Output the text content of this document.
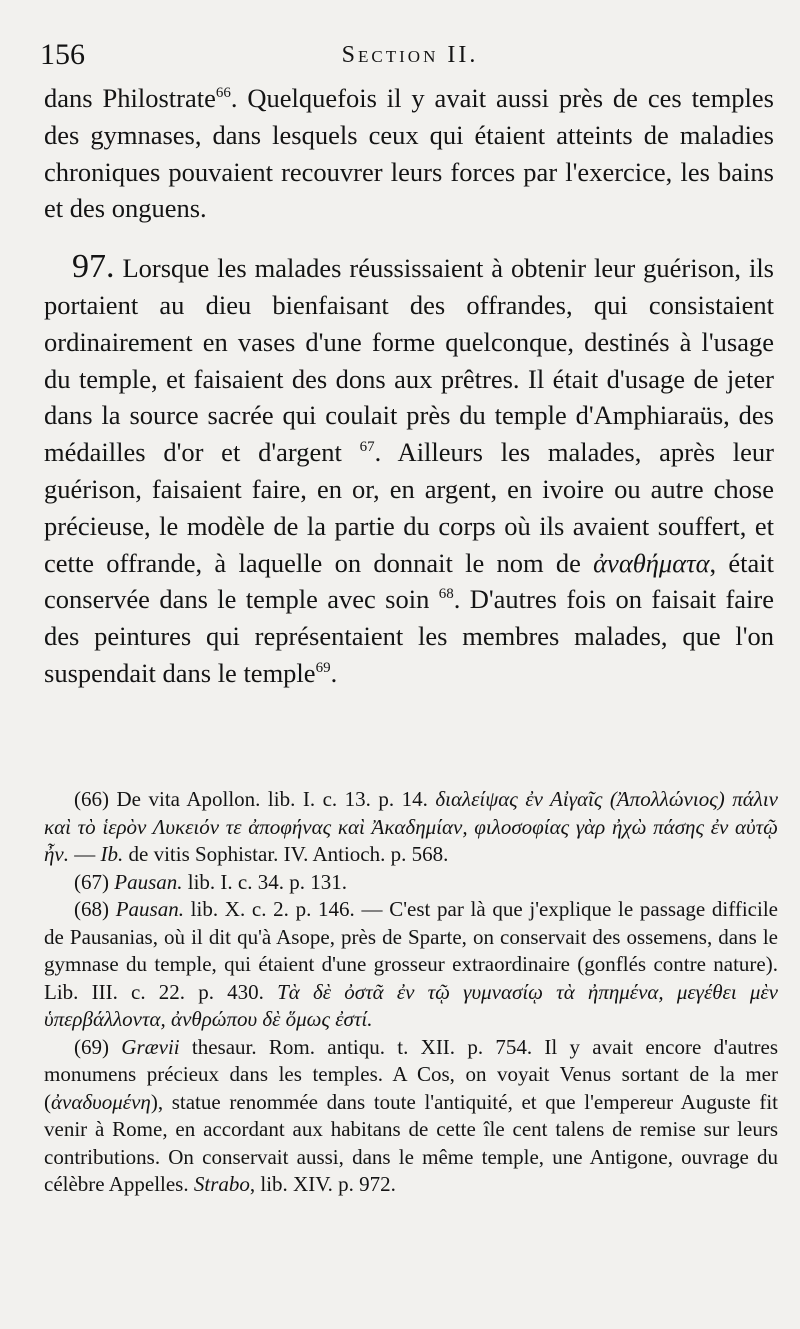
156	Section II.

dans Philostrate$^{66}$. Quelquefois il y avait aussi près de ces temples des gymnases, dans lesquels ceux qui étaient atteints de maladies chroniques pouvaient recouvrer leurs forces par l'exercice, les bains et des onguens.

97. Lorsque les malades réussissaient à obtenir leur guérison, ils portaient au dieu bienfaisant des offrandes, qui consistaient ordinairement en vases d'une forme quelconque, destinés à l'usage du temple, et faisaient des dons aux prêtres. Il était d'usage de jeter dans la source sacrée qui coulait près du temple d'Amphiaraüs, des médailles d'or et d'argent $^{67}$. Ailleurs les malades, après leur guérison, faisaient faire, en or, en argent, en ivoire ou autre chose précieuse, le modèle de la partie du corps où ils avaient souffert, et cette offrande, à laquelle on donnait le nom de ἀναθήματα, était conservée dans le temple avec soin $^{68}$. D'autres fois on faisait faire des peintures qui représentaient les membres malades, que l'on suspendait dans le temple$^{69}$.

(66) De vita Apollon. lib. I. c. 13. p. 14. διαλείψας ἐν Αἰγαῖς (Ἀπολλώνιος) πάλιν καὶ τὸ ἱερὸν Λυκειόν τε ἀποφήνας καὶ Ἀκαδημίαν, φιλοσοφίας γὰρ ἠχὼ πάσης ἐν αὐτῷ ἦν. — Ib. de vitis Sophistar. IV. Antioch. p. 568.

(67) Pausan. lib. I. c. 34. p. 131.

(68) Pausan. lib. X. c. 2. p. 146. — C'est par là que j'explique le passage difficile de Pausanias, où il dit qu'à Asope, près de Sparte, on conservait des ossemens, dans le gymnase du temple, qui étaient d'une grosseur extraordinaire (gonflés contre nature). Lib. III. c. 22. p. 430. Τὰ δὲ ὀστᾶ ἐν τῷ γυμνασίῳ τὰ ἠπημένα, μεγέθει μὲν ὑπερβάλλοντα, ἀνθρώπου δὲ ὅμως ἐστί.

(69) Grævii thesaur. Rom. antiqu. t. XII. p. 754. Il y avait encore d'autres monumens précieux dans les temples. A Cos, on voyait Venus sortant de la mer (ἀναδυομένη), statue renommée dans toute l'antiquité, et que l'empereur Auguste fit venir à Rome, en accordant aux habitans de cette île cent talens de remise sur leurs contributions. On conservait aussi, dans le même temple, une Antigone, ouvrage du célèbre Appelles. Strabo, lib. XIV. p. 972.
